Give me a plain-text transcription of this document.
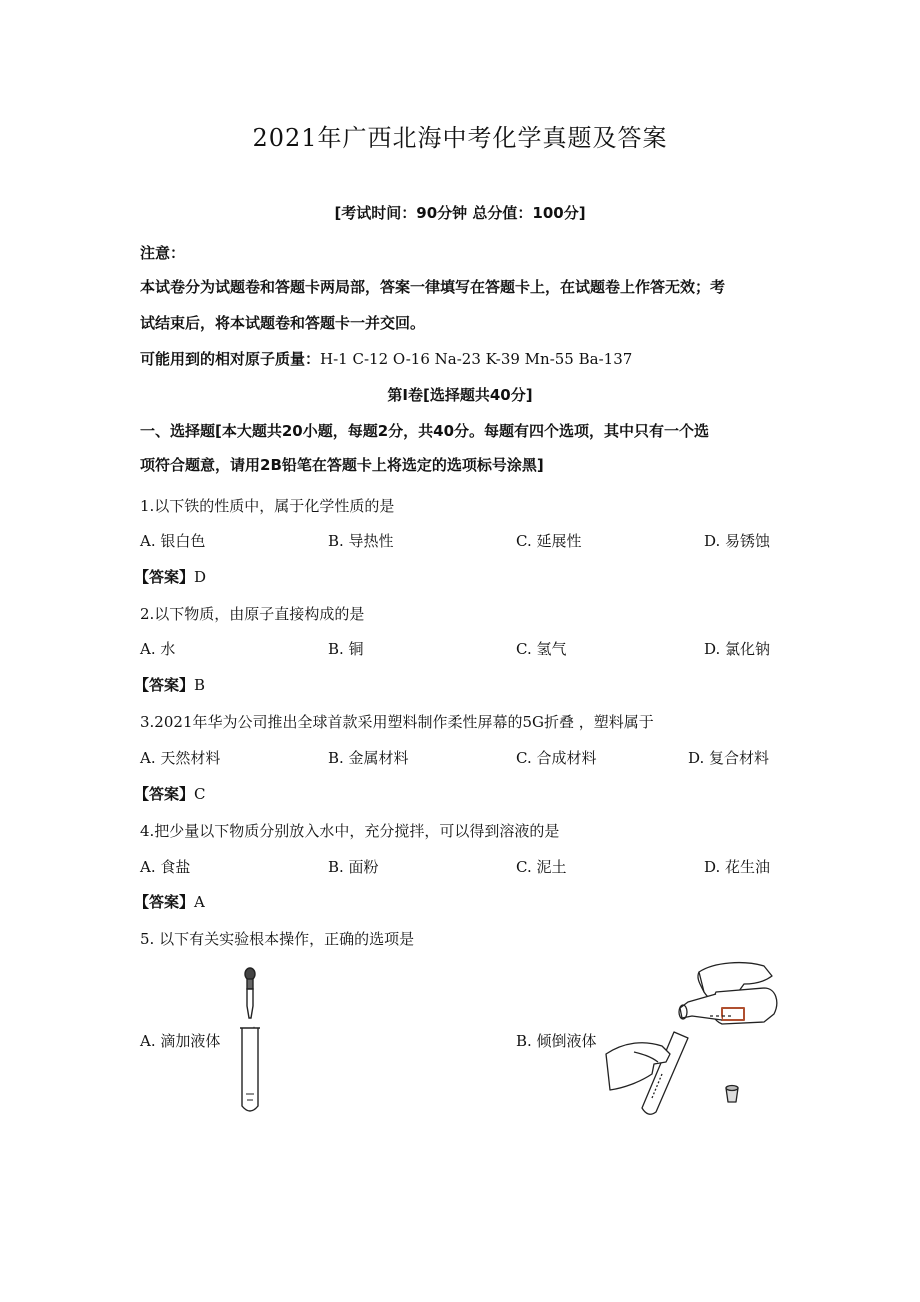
2021年广西北海中考化学真题及答案
[考试时间：90分钟 总分值：100分]
注意：
本试卷分为试题卷和答题卡两局部，答案一律填写在答题卡上，在试题卷上作答无效；考
试结束后，将本试题卷和答题卡一并交回。
可能用到的相对原子质量：H-1 C-12 O-16 Na-23 K-39 Mn-55 Ba-137
第Ⅰ卷[选择题共40分]
一、选择题[本大题共20小题，每题2分，共40分。每题有四个选项，其中只有一个选
项符合题意，请用2B铅笔在答题卡上将选定的选项标号涂黑]
1.以下铁的性质中，属于化学性质的是
A. 银白色	B. 导热性	C. 延展性	D. 易锈蚀
【答案】D
2.以下物质，由原子直接构成的是
A. 水	B. 铜	C. 氢气	D. 氯化钠
【答案】B
3.2021年华为公司推出全球首款采用塑料制作柔性屏幕的5G折叠 ，塑料属于
A. 天然材料	B. 金属材料	C. 合成材料	D. 复合材料
【答案】C
4.把少量以下物质分别放入水中，充分搅拌，可以得到溶液的是
A. 食盐	B. 面粉	C. 泥土	D. 花生油
【答案】A
5. 以下有关实验根本操作，正确的选项是
A. 滴加液体	B. 倾倒液体
